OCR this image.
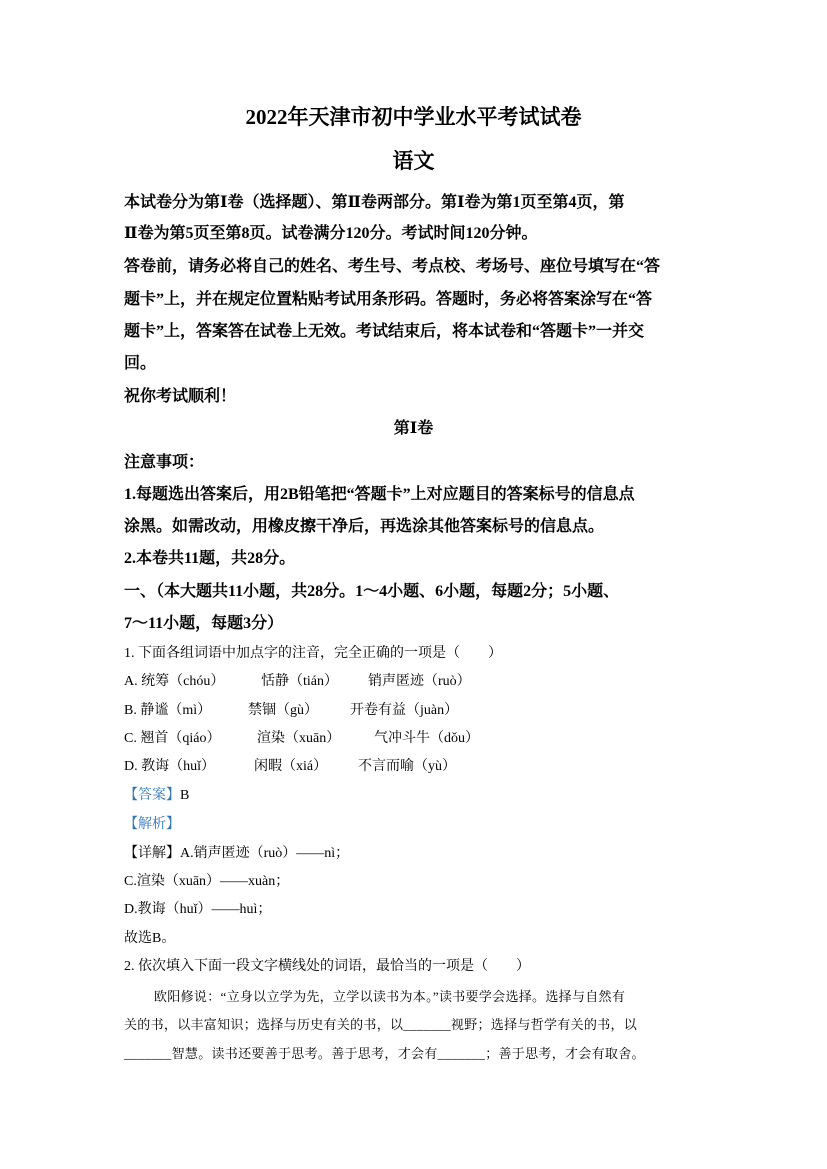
2022年天津市初中学业水平考试试卷
语文
本试卷分为第Ⅰ卷（选择题）、第Ⅱ卷两部分。第Ⅰ卷为第1页至第4页，第
Ⅱ卷为第5页至第8页。试卷满分120分。考试时间120分钟。
答卷前，请务必将自己的姓名、考生号、考点校、考场号、座位号填写在“答
题卡”上，并在规定位置粘贴考试用条形码。答题时，务必将答案涂写在“答
题卡”上，答案答在试卷上无效。考试结束后，将本试卷和“答题卡”一并交
回。
祝你考试顺利！
第Ⅰ卷
注意事项：
1.每题选出答案后，用2B铅笔把“答题卡”上对应题目的答案标号的信息点
涂黑。如需改动，用橡皮擦干净后，再选涂其他答案标号的信息点。
2.本卷共11题，共28分。
一、（本大题共11小题，共28分。1～4小题、6小题，每题2分；5小题、
7～11小题，每题3分）
1. 下面各组词语中加点字的注音，完全正确的一项是（　　）
A. 统筹（chóu）	恬静（tián） 销声匿迹（ruò）
B. 静谧（mì）	禁锢（gù） 开卷有益（juàn）
C. 翘首（qiáo）	渲染（xuān） 气冲斗牛（dǒu）
D. 教诲（huǐ）	闲暇（xiá） 不言而喻（yù）
【答案】B
【解析】
【详解】A.销声匿迹（ruò）——nì；
C.渲染（xuān）——xuàn；
D.教诲（huǐ）——huì；
故选B。
2. 依次填入下面一段文字横线处的词语，最恰当的一项是（　　）
欧阳修说：“立身以立学为先，立学以读书为本。”读书要学会选择。选择与自然有
关的书，以丰富知识；选择与历史有关的书，以_______视野；选择与哲学有关的书，以
_______智慧。读书还要善于思考。善于思考，才会有_______；善于思考，才会有取舍。
